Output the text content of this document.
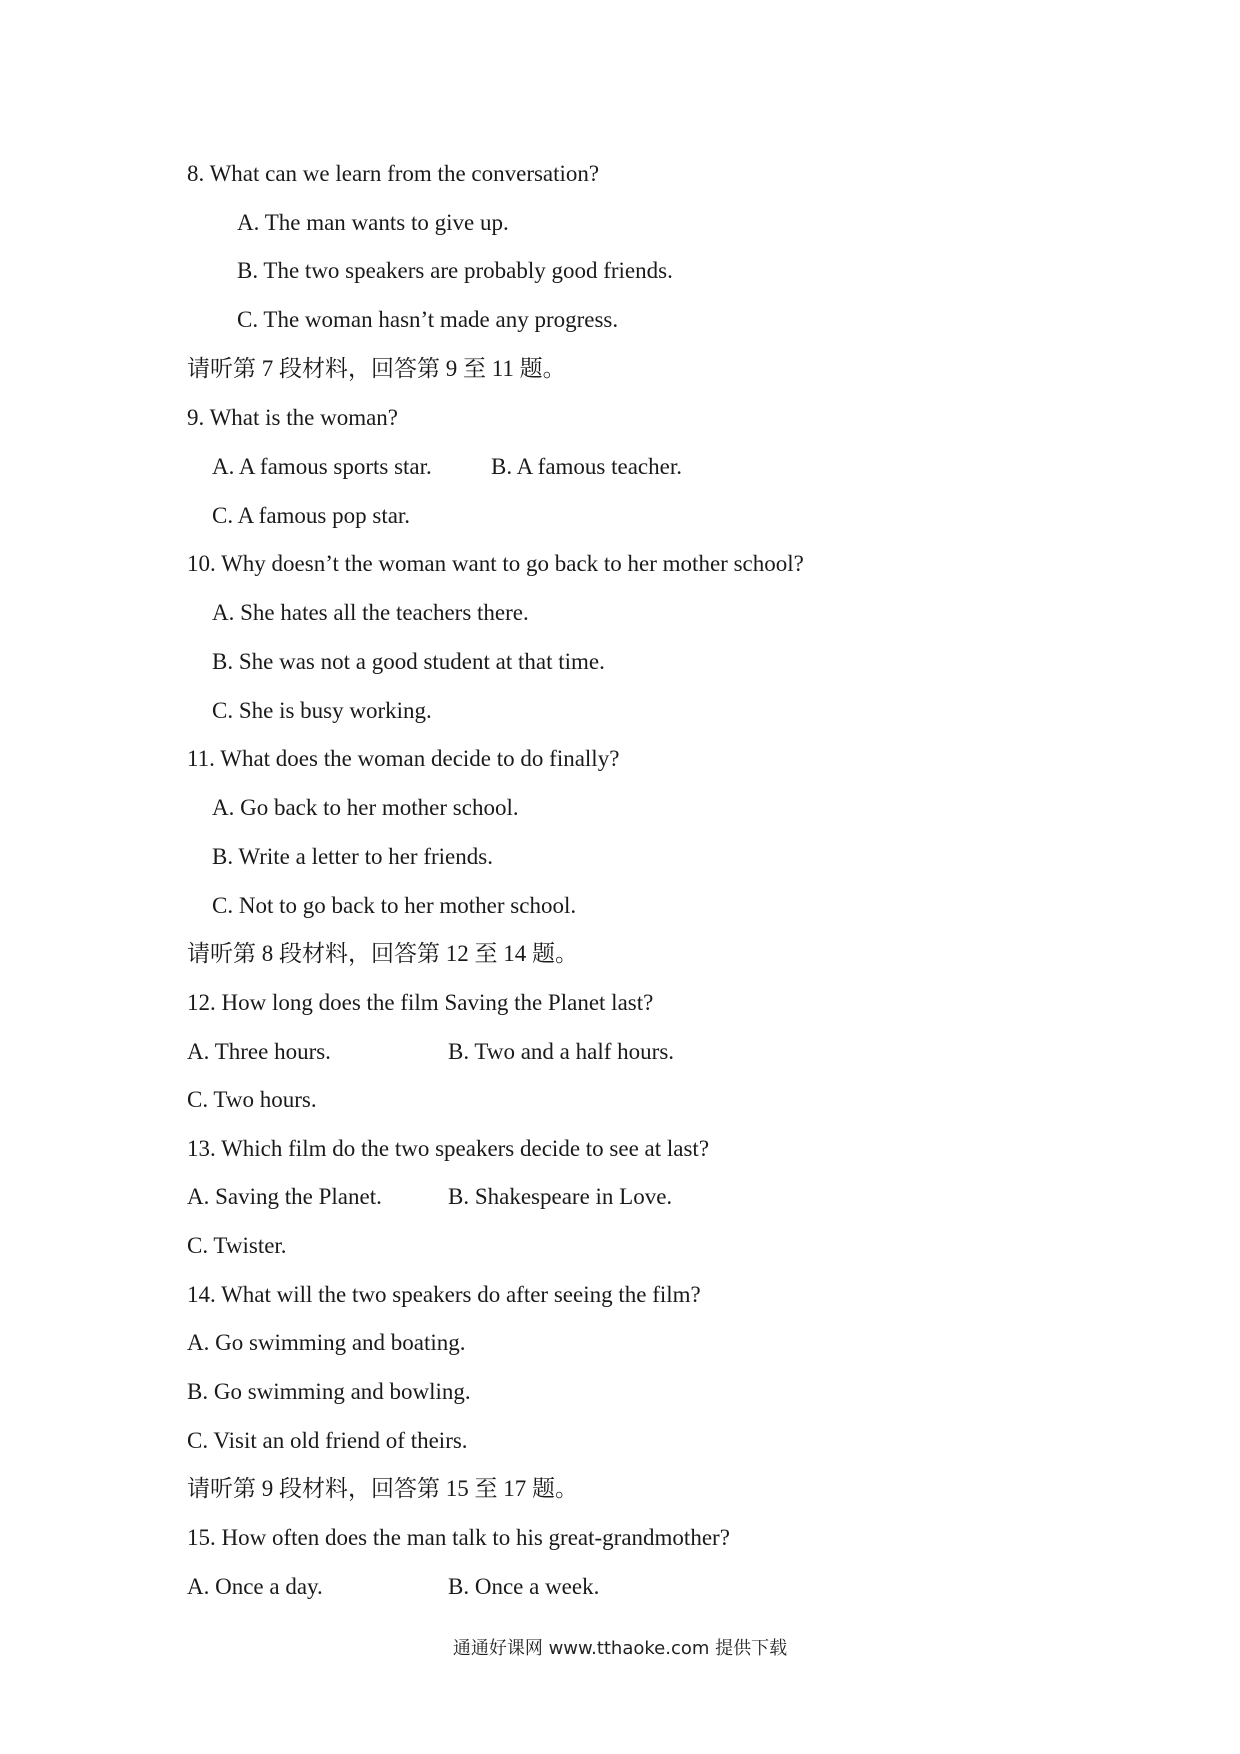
8. What can we learn from the conversation?

A. The man wants to give up.

B. The two speakers are probably good friends.

C. The woman hasn’t made any progress.

请听第 7 段材料，回答第 9 至 11 题。

9. What is the woman?

A. A famous sports star.	B. A famous teacher.

C. A famous pop star.

10. Why doesn’t the woman want to go back to her mother school?

A. She hates all the teachers there.

B. She was not a good student at that time.

C. She is busy working.

11. What does the woman decide to do finally?

A. Go back to her mother school.

B. Write a letter to her friends.

C. Not to go back to her mother school.

请听第 8 段材料，回答第 12 至 14 题。

12. How long does the film Saving the Planet last?

A. Three hours.	B. Two and a half hours.

C. Two hours.

13. Which film do the two speakers decide to see at last?

A. Saving the Planet.	B. Shakespeare in Love.

C. Twister.

14. What will the two speakers do after seeing the film?

A. Go swimming and boating.

B. Go swimming and bowling.

C. Visit an old friend of theirs.

请听第 9 段材料，回答第 15 至 17 题。

15. How often does the man talk to his great-grandmother?

A. Once a day.	B. Once a week.

通通好课网 www.tthaoke.com 提供下载
